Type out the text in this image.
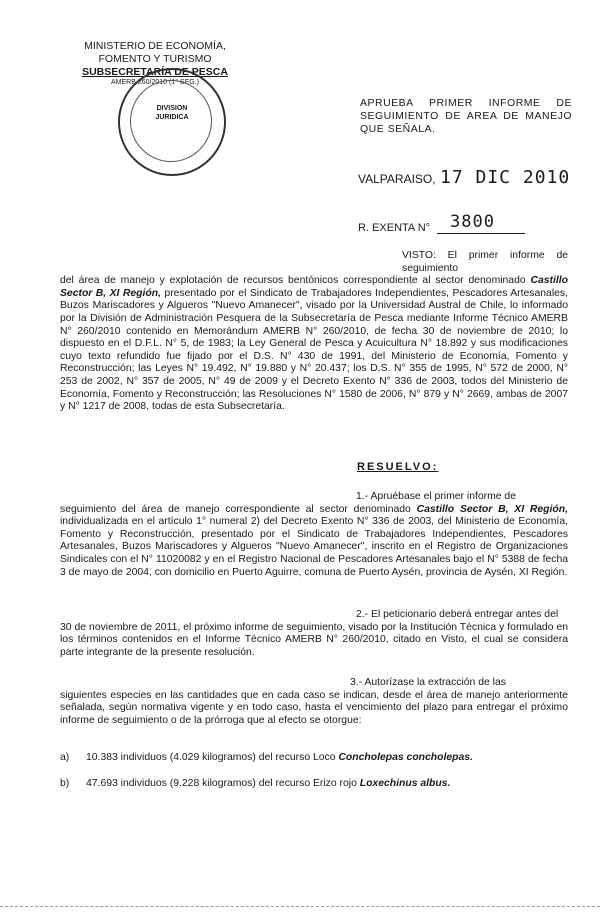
MINISTERIO DE ECONOMÍA,
FOMENTO Y TURISMO
SUBSECRETARÍA DE PESCA
AMERB 260/2010 (1° SEG.)
DIVISION
JURIDICA
APRUEBA PRIMER INFORME DE SEGUIMIENTO DE AREA DE MANEJO QUE SEÑALA.
VALPARAISO, 17 DIC 2010
R. EXENTA N° 3800
VISTO: El primer informe de seguimiento
del área de manejo y explotación de recursos bentónicos correspondiente al sector denominado Castillo Sector B, XI Región, presentado por el Sindicato de Trabajadores Independientes, Pescadores Artesanales, Buzos Mariscadores y Algueros "Nuevo Amanecer", visado por la Universidad Austral de Chile, lo informado por la División de Administración Pesquera de la Subsecretaría de Pesca mediante Informe Técnico AMERB N° 260/2010 contenido en Memorándum AMERB N° 260/2010, de fecha 30 de noviembre de 2010; lo dispuesto en el D.F.L. N° 5, de 1983; la Ley General de Pesca y Acuicultura N° 18.892 y sus modificaciones cuyo texto refundido fue fijado por el D.S. N° 430 de 1991, del Ministerio de Economía, Fomento y Reconstrucción; las Leyes N° 19.492, N° 19.880 y N° 20.437; los D.S. N° 355 de 1995, N° 572 de 2000, N° 253 de 2002, N° 357 de 2005, N° 49 de 2009 y el Decreto Exento N° 336 de 2003, todos del Ministerio de Economía, Fomento y Reconstrucción; las Resoluciones N° 1580 de 2006, N° 879 y N° 2669, ambas de 2007 y N° 1217 de 2008, todas de esta Subsecretaría.
RESUELVO:
1.- Apruébase el primer informe de
seguimiento del área de manejo correspondiente al sector denominado Castillo Sector B, XI Región, individualizada en el artículo 1° numeral 2) del Decreto Exento N° 336 de 2003, del Ministerio de Economía, Fomento y Reconstrucción, presentado por el Sindicato de Trabajadores Independientes, Pescadores Artesanales, Buzos Mariscadores y Algueros "Nuevo Amanecer", inscrito en el Registro de Organizaciones Sindicales con el N° 11020082 y en el Registro Nacional de Pescadores Artesanales bajo el N° 5388 de fecha 3 de mayo de 2004, con domicilio en Puerto Aguirre, comuna de Puerto Aysén, provincia de Aysén, XI Región.
2.- El peticionario deberá entregar antes del
30 de noviembre de 2011, el próximo informe de seguimiento, visado por la Institución Técnica y formulado en los términos contenidos en el Informe Técnico AMERB N° 260/2010, citado en Visto, el cual se considera parte integrante de la presente resolución.
3.- Autorízase la extracción de las
siguientes especies en las cantidades que en cada caso se indican, desde el área de manejo anteriormente señalada, según normativa vigente y en todo caso, hasta el vencimiento del plazo para entregar el próximo informe de seguimiento o de la prórroga que al efecto se otorgue:
a) 10.383 individuos (4.029 kilogramos) del recurso Loco Concholepas concholepas.
b) 47.693 individuos (9.228 kilogramos) del recurso Erizo rojo Loxechinus albus.
